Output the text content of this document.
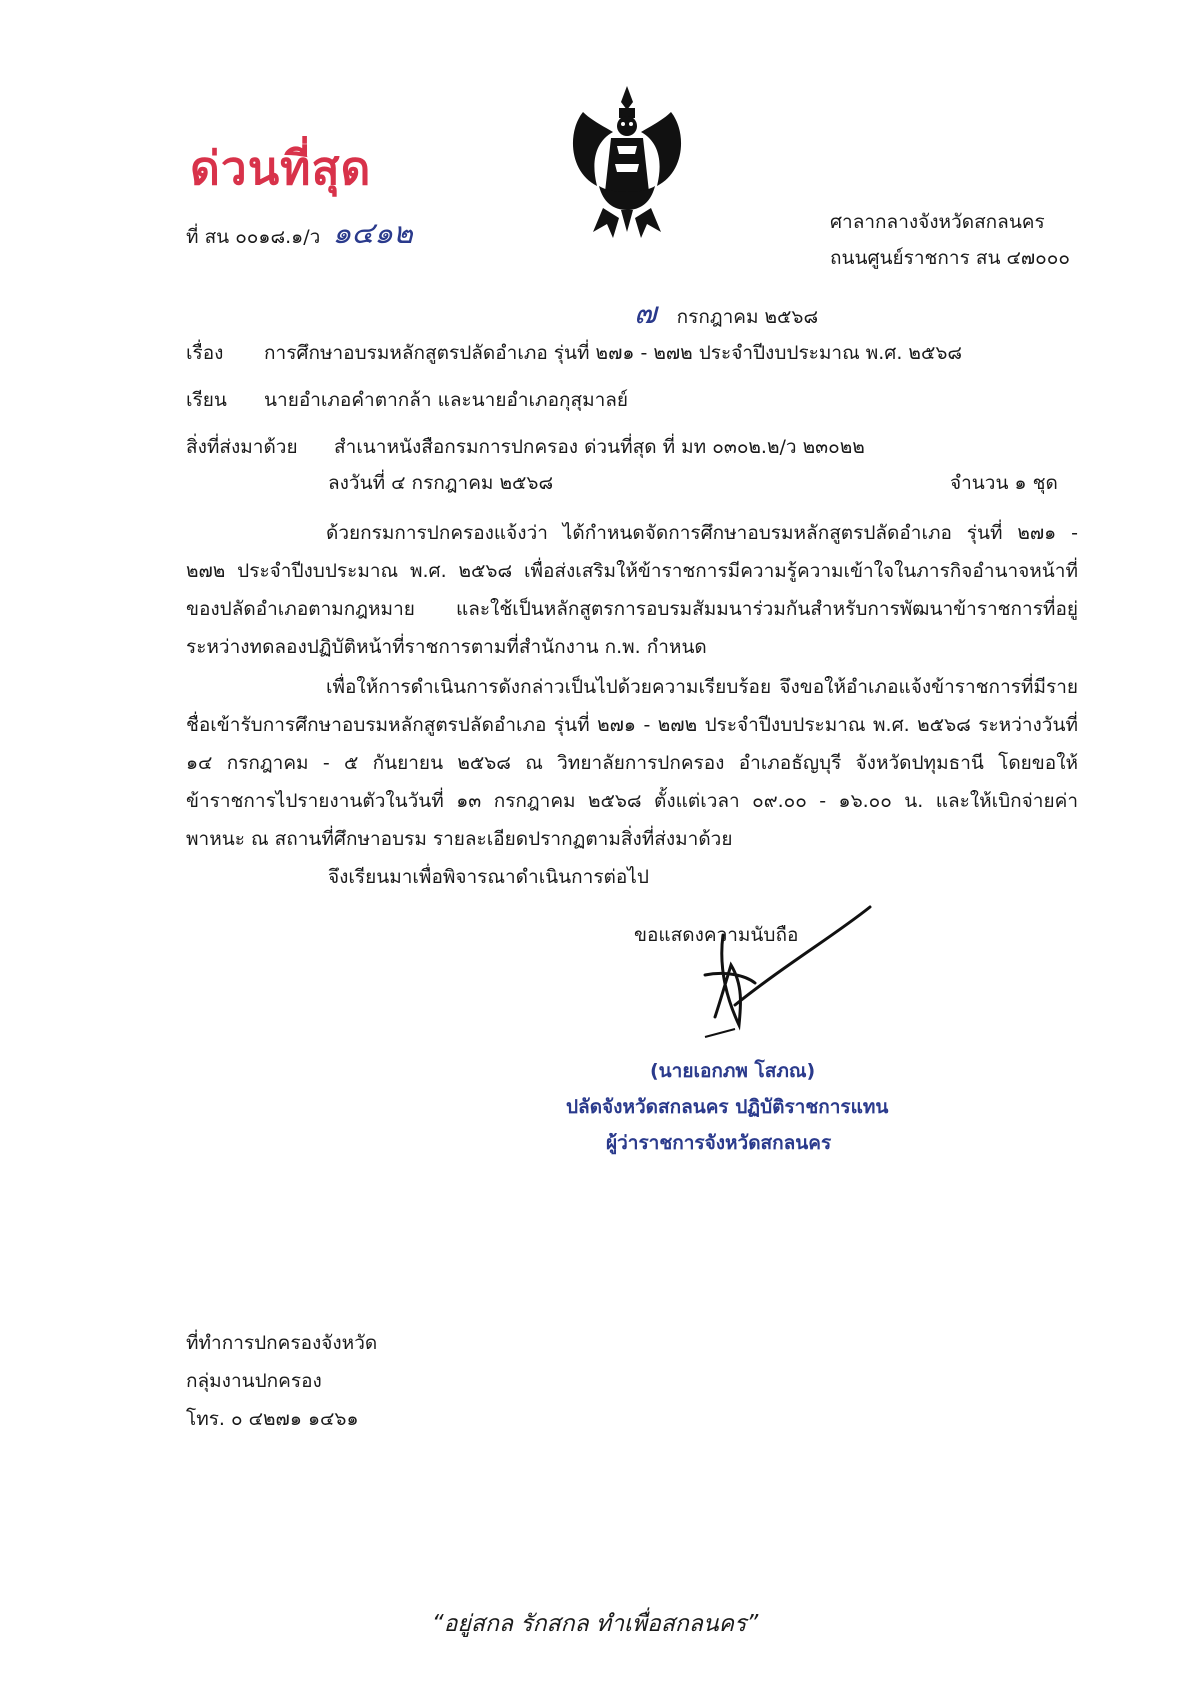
ด่วนที่สุด
ที่ สน ๐๐๑๘.๑/ว ๑๔๑๒	ศาลากลางจังหวัดสกลนคร
ถนนศูนย์ราชการ สน ๔๗๐๐๐
๗ กรกฎาคม ๒๕๖๘
เรื่อง การศึกษาอบรมหลักสูตรปลัดอำเภอ รุ่นที่ ๒๗๑ - ๒๗๒ ประจำปีงบประมาณ พ.ศ. ๒๕๖๘
เรียน นายอำเภอคำตากล้า และนายอำเภอกุสุมาลย์
สิ่งที่ส่งมาด้วย สำเนาหนังสือกรมการปกครอง ด่วนที่สุด ที่ มท ๐๓๐๒.๒/ว ๒๓๐๒๒
ลงวันที่ ๔ กรกฎาคม ๒๕๖๘	จำนวน ๑ ชุด
ด้วยกรมการปกครองแจ้งว่า ได้กำหนดจัดการศึกษาอบรมหลักสูตรปลัดอำเภอ รุ่นที่ ๒๗๑ - ๒๗๒ ประจำปีงบประมาณ พ.ศ. ๒๕๖๘ เพื่อส่งเสริมให้ข้าราชการมีความรู้ความเข้าใจในภารกิจอำนาจหน้าที่ของปลัดอำเภอตามกฎหมาย และใช้เป็นหลักสูตรการอบรมสัมมนาร่วมกันสำหรับการพัฒนาข้าราชการที่อยู่ระหว่างทดลองปฏิบัติหน้าที่ราชการตามที่สำนักงาน ก.พ. กำหนด
เพื่อให้การดำเนินการดังกล่าวเป็นไปด้วยความเรียบร้อย จึงขอให้อำเภอแจ้งข้าราชการที่มีรายชื่อเข้ารับการศึกษาอบรมหลักสูตรปลัดอำเภอ รุ่นที่ ๒๗๑ - ๒๗๒ ประจำปีงบประมาณ พ.ศ. ๒๕๖๘ ระหว่างวันที่ ๑๔ กรกฎาคม - ๕ กันยายน ๒๕๖๘ ณ วิทยาลัยการปกครอง อำเภอธัญบุรี จังหวัดปทุมธานี โดยขอให้ข้าราชการไปรายงานตัวในวันที่ ๑๓ กรกฎาคม ๒๕๖๘ ตั้งแต่เวลา ๐๙.๐๐ - ๑๖.๐๐ น. และให้เบิกจ่ายค่าพาหนะ ณ สถานที่ศึกษาอบรม รายละเอียดปรากฏตามสิ่งที่ส่งมาด้วย
จึงเรียนมาเพื่อพิจารณาดำเนินการต่อไป
ขอแสดงความนับถือ
(นายเอกภพ โสภณ)
ปลัดจังหวัดสกลนคร ปฏิบัติราชการแทน
ผู้ว่าราชการจังหวัดสกลนคร
ที่ทำการปกครองจังหวัด
กลุ่มงานปกครอง
โทร. ๐ ๔๒๗๑ ๑๔๖๑
“อยู่สกล รักสกล ทำเพื่อสกลนคร”
